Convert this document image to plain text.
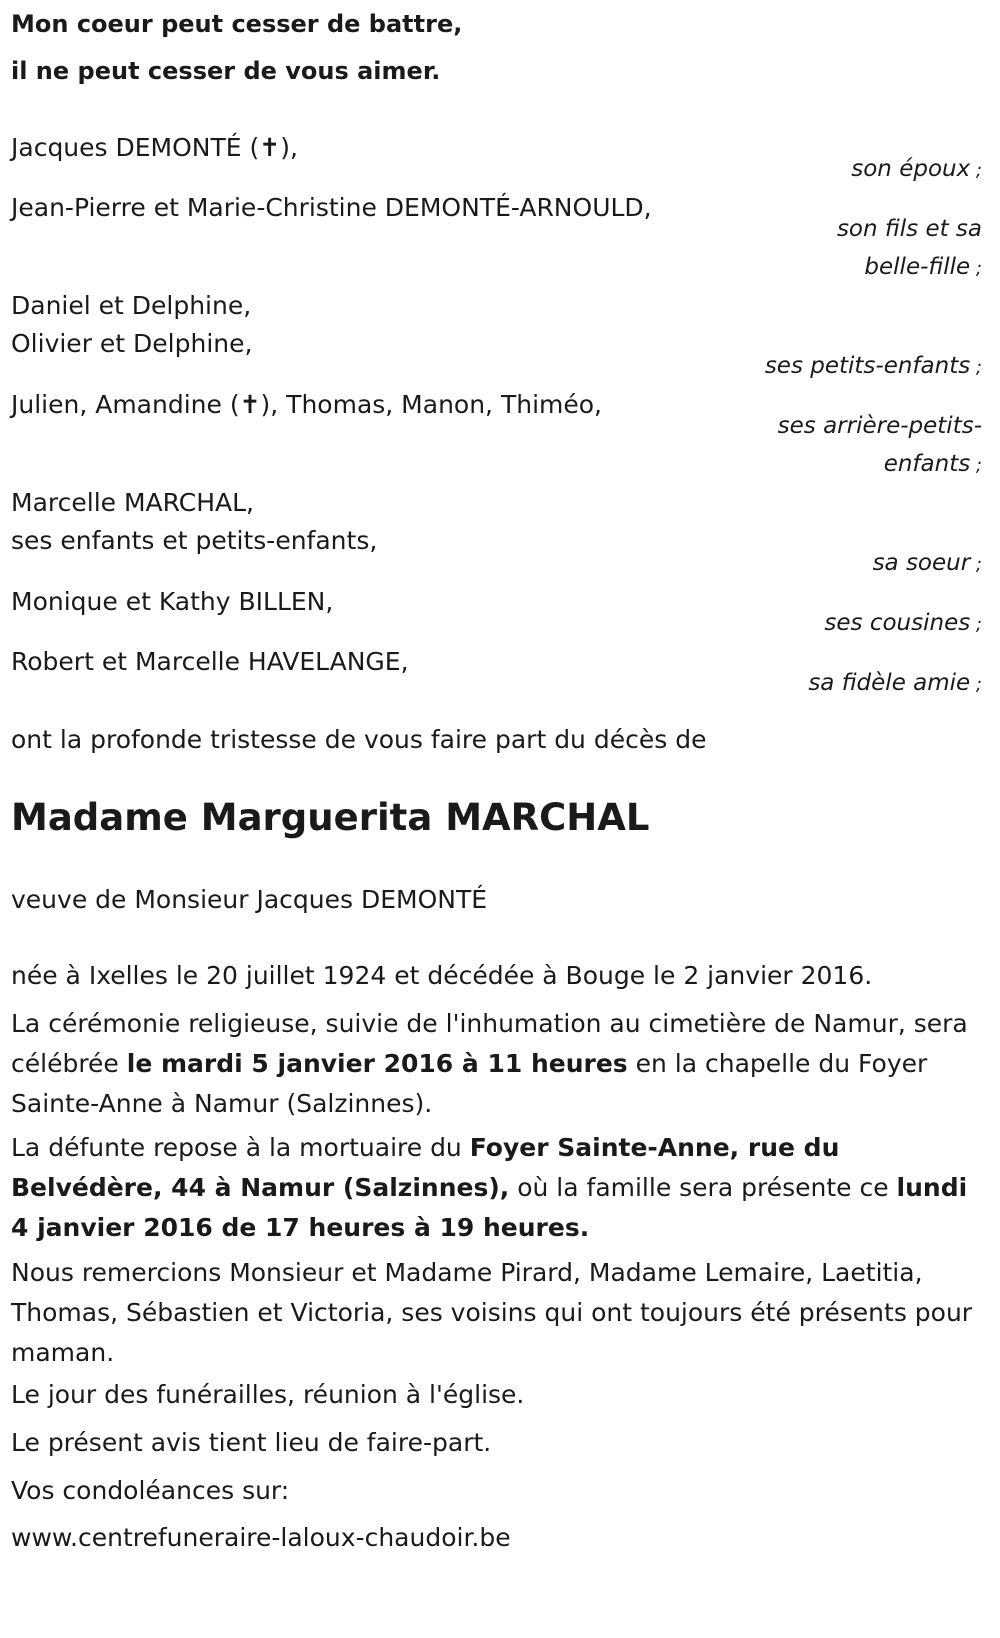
Mon coeur peut cesser de battre,
il ne peut cesser de vous aimer.
Jacques DEMONTÉ (✝),
son époux ;
Jean-Pierre et Marie-Christine DEMONTÉ-ARNOULD,
son fils et sa
belle-fille ;
Daniel et Delphine,
Olivier et Delphine,
ses petits-enfants ;
Julien, Amandine (✝), Thomas, Manon, Thiméo,
ses arrière-petits-
enfants ;
Marcelle MARCHAL,
ses enfants et petits-enfants,
sa soeur ;
Monique et Kathy BILLEN,
ses cousines ;
Robert et Marcelle HAVELANGE,
sa fidèle amie ;
ont la profonde tristesse de vous faire part du décès de
Madame Marguerita MARCHAL
veuve de Monsieur Jacques DEMONTÉ
née à Ixelles le 20 juillet 1924 et décédée à Bouge le 2 janvier 2016.
La cérémonie religieuse, suivie de l'inhumation au cimetière de Namur, sera célébrée le mardi 5 janvier 2016 à 11 heures en la chapelle du Foyer Sainte-Anne à Namur (Salzinnes).
La défunte repose à la mortuaire du Foyer Sainte-Anne, rue du Belvédère, 44 à Namur (Salzinnes), où la famille sera présente ce lundi 4 janvier 2016 de 17 heures à 19 heures.
Nous remercions Monsieur et Madame Pirard, Madame Lemaire, Laetitia, Thomas, Sébastien et Victoria, ses voisins qui ont toujours été présents pour maman.
Le jour des funérailles, réunion à l'église.
Le présent avis tient lieu de faire-part.
Vos condoléances sur:
www.centrefuneraire-laloux-chaudoir.be
